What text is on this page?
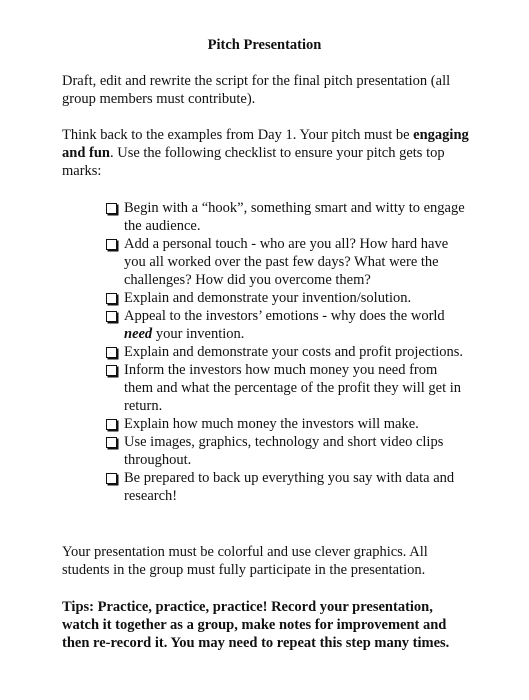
Pitch Presentation

Draft, edit and rewrite the script for the final pitch presentation (all group members must contribute).

Think back to the examples from Day 1. Your pitch must be engaging and fun. Use the following checklist to ensure your pitch gets top marks:

Begin with a “hook”, something smart and witty to engage the audience.
Add a personal touch - who are you all? How hard have you all worked over the past few days? What were the challenges? How did you overcome them?
Explain and demonstrate your invention/solution.
Appeal to the investors’ emotions - why does the world need your invention.
Explain and demonstrate your costs and profit projections.
Inform the investors how much money you need from them and what the percentage of the profit they will get in return.
Explain how much money the investors will make.
Use images, graphics, technology and short video clips throughout.
Be prepared to back up everything you say with data and research!

Your presentation must be colorful and use clever graphics. All students in the group must fully participate in the presentation.

Tips: Practice, practice, practice! Record your presentation, watch it together as a group, make notes for improvement and then re-record it. You may need to repeat this step many times.
